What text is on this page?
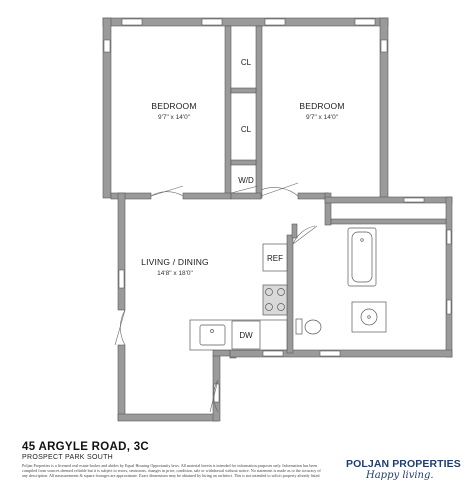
BEDROOM
9'7" x 14'0"
BEDROOM
9'7" x 14'0"
LIVING / DINING
14'8" x 18'0"
CL
CL
W/D
REF
DW
45 ARGYLE ROAD, 3C
PROSPECT PARK SOUTH
Poljan Properties is a licensed real estate broker and abides by Equal Housing Opportunity laws. All material herein is intended for information purposes only. Information has been compiled from sources deemed reliable but it is subject to errors, omissions, changes in price, condition, sale or withdrawal without notice. No statement is made as to the accuracy of any description. All measurements & square footages are approximate. Exact dimensions may be obtained by hiring an architect. This is not intended to solicit property already listed.
POLJAN PROPERTIES
Happy living.
